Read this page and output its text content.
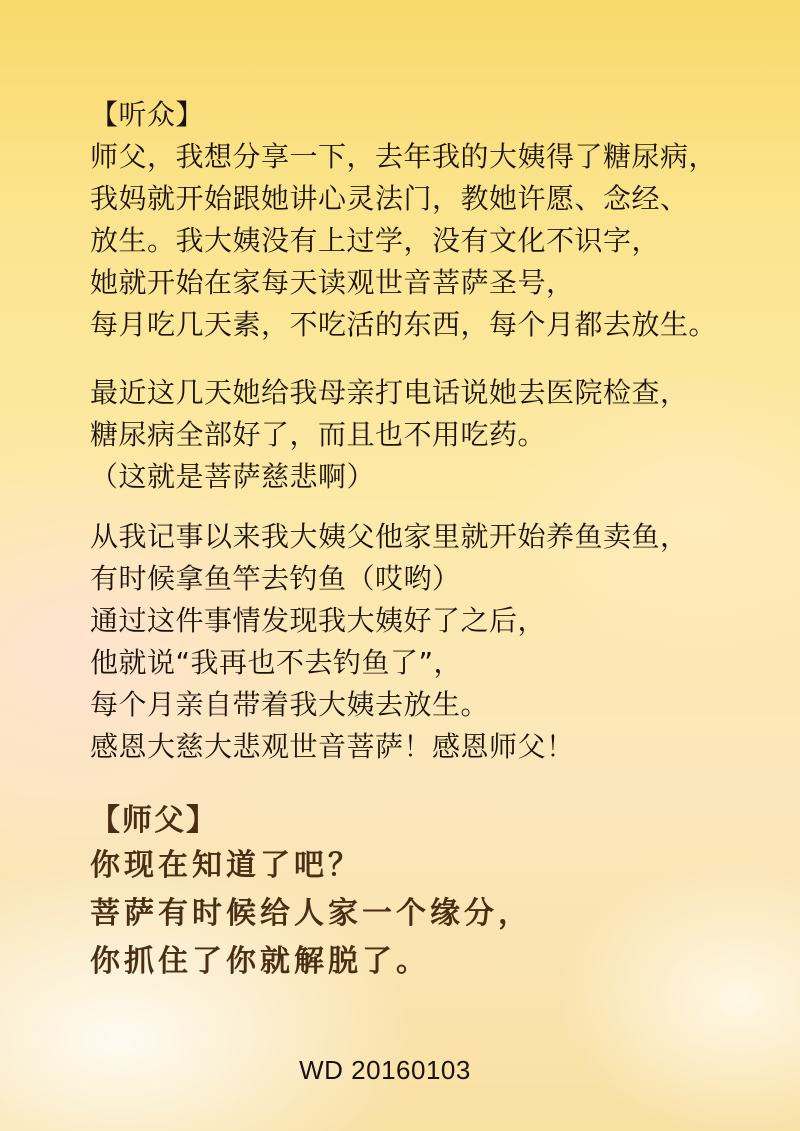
【听众】
师父，我想分享一下，去年我的大姨得了糖尿病，
我妈就开始跟她讲心灵法门，教她许愿、念经、
放生。我大姨没有上过学，没有文化不识字，
她就开始在家每天读观世音菩萨圣号，
每月吃几天素，不吃活的东西，每个月都去放生。
最近这几天她给我母亲打电话说她去医院检查，
糖尿病全部好了，而且也不用吃药。
（这就是菩萨慈悲啊）
从我记事以来我大姨父他家里就开始养鱼卖鱼，
有时候拿鱼竿去钓鱼（哎哟）
通过这件事情发现我大姨好了之后，
他就说“我再也不去钓鱼了”，
每个月亲自带着我大姨去放生。
感恩大慈大悲观世音菩萨！感恩师父！
【师父】
你现在知道了吧？
菩萨有时候给人家一个缘分，
你抓住了你就解脱了。
WD 20160103
